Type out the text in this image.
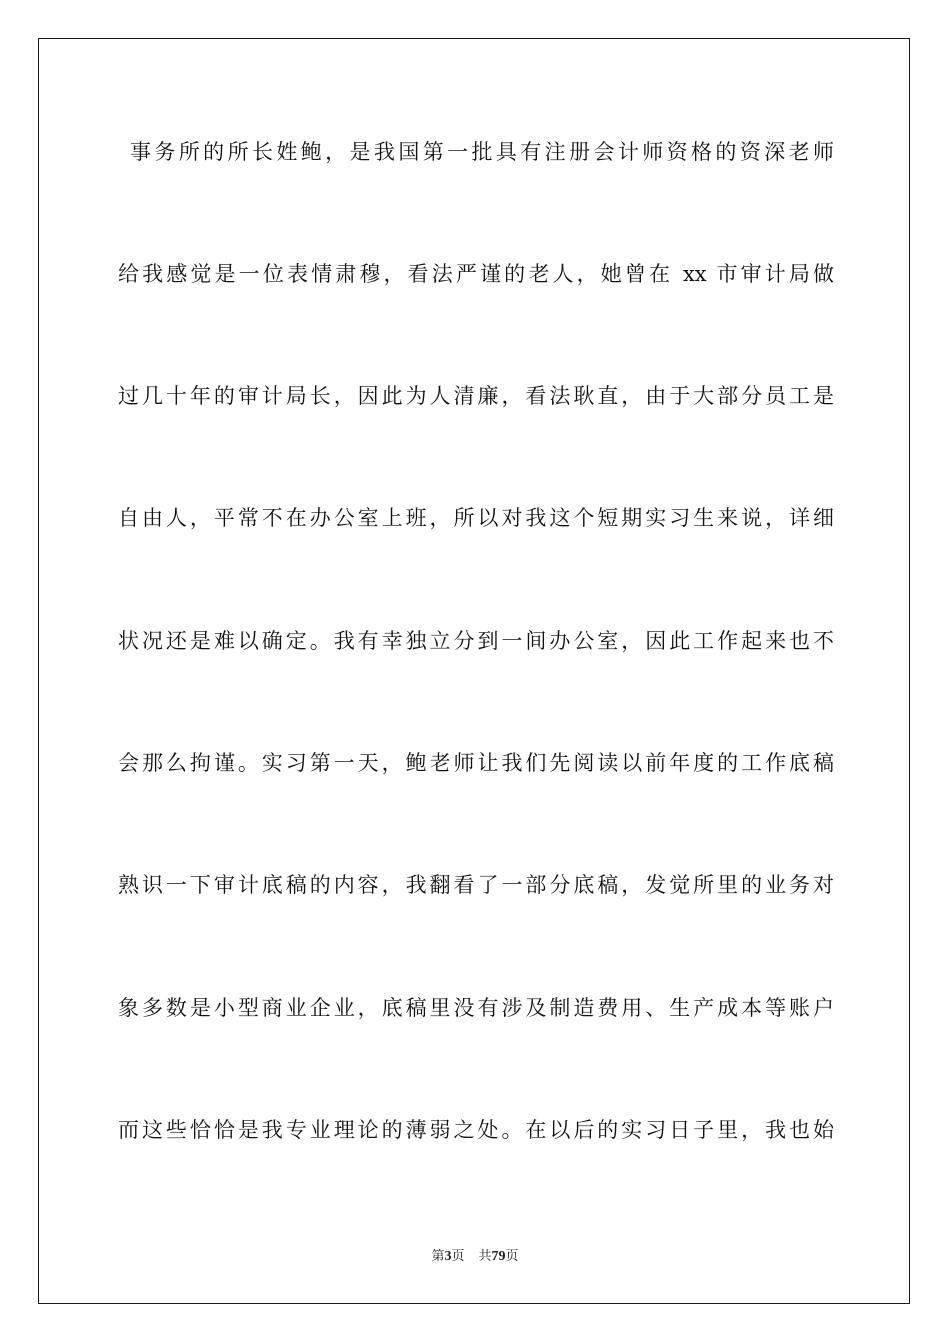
事务所的所长姓鲍，是我国第一批具有注册会计师资格的资深老师
给我感觉是一位表情肃穆，看法严谨的老人，她曾在 xx 市审计局做
过几十年的审计局长，因此为人清廉，看法耿直，由于大部分员工是
自由人，平常不在办公室上班，所以对我这个短期实习生来说，详细
状况还是难以确定。我有幸独立分到一间办公室，因此工作起来也不
会那么拘谨。实习第一天，鲍老师让我们先阅读以前年度的工作底稿
熟识一下审计底稿的内容，我翻看了一部分底稿，发觉所里的业务对
象多数是小型商业企业，底稿里没有涉及制造费用、生产成本等账户
而这些恰恰是我专业理论的薄弱之处。在以后的实习日子里，我也始
第3页 共79页
